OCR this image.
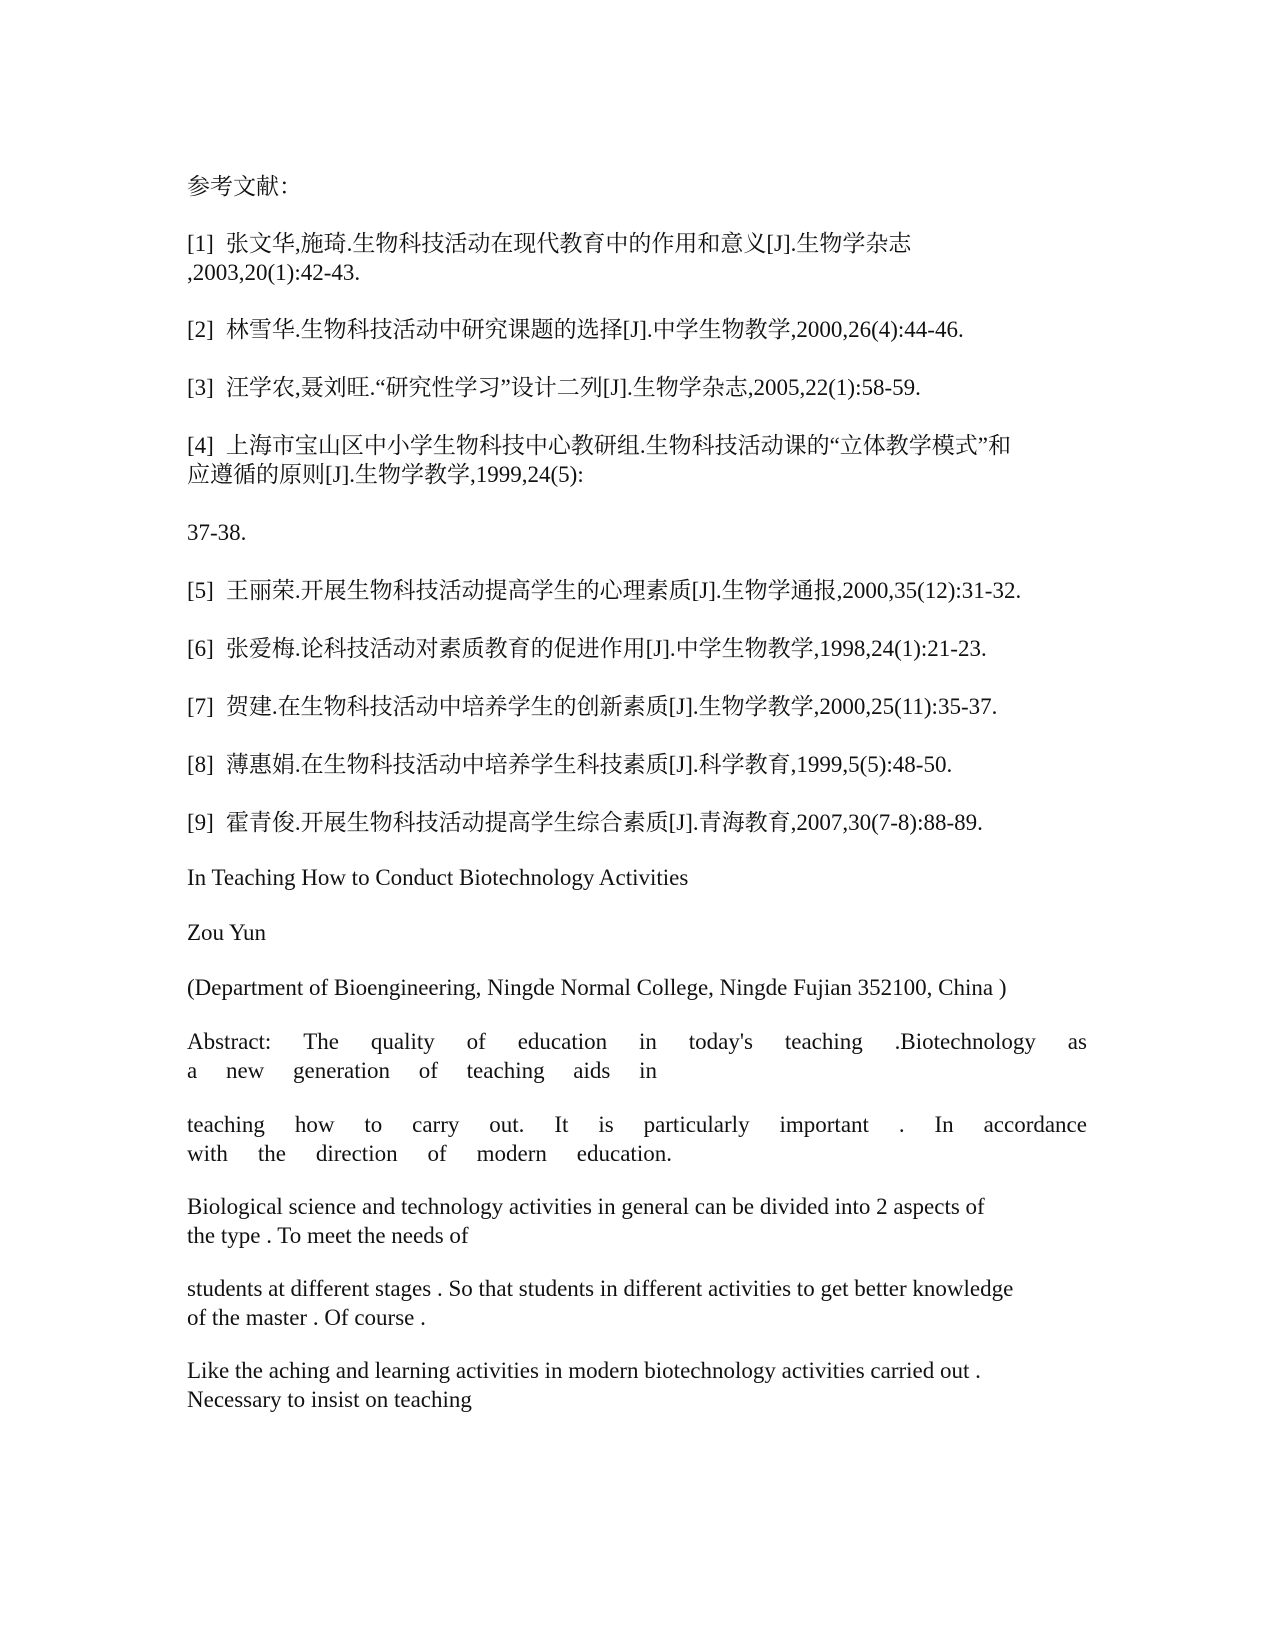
参考文献：
[1] 张文华,施琦.生物科技活动在现代教育中的作用和意义[J].生物学杂志
,2003,20(1):42-43.
[2] 林雪华.生物科技活动中研究课题的选择[J].中学生物教学,2000,26(4):44-46.
[3] 汪学农,聂刘旺.“研究性学习”设计二列[J].生物学杂志,2005,22(1):58-59.
[4] 上海市宝山区中小学生物科技中心教研组.生物科技活动课的“立体教学模式”和
应遵循的原则[J].生物学教学,1999,24(5):
37-38.
[5] 王丽荣.开展生物科技活动提高学生的心理素质[J].生物学通报,2000,35(12):31-32.
[6] 张爱梅.论科技活动对素质教育的促进作用[J].中学生物教学,1998,24(1):21-23.
[7] 贺建.在生物科技活动中培养学生的创新素质[J].生物学教学,2000,25(11):35-37.
[8] 薄惠娟.在生物科技活动中培养学生科技素质[J].科学教育,1999,5(5):48-50.
[9] 霍青俊.开展生物科技活动提高学生综合素质[J].青海教育,2007,30(7-8):88-89.
In Teaching How to Conduct Biotechnology Activities
Zou Yun
(Department of Bioengineering, Ningde Normal College, Ningde Fujian 352100, China )
Abstract: The quality of education in today's teaching .Biotechnology as
a new generation of teaching aids in
teaching how to carry out. It is particularly important . In accordance
with the direction of modern education.
Biological science and technology activities in general can be divided into 2 aspects of
the type . To meet the needs of
students at different stages . So that students in different activities to get better knowledge
of the master . Of course .
Like the aching and learning activities in modern biotechnology activities carried out .
Necessary to insist on teaching
